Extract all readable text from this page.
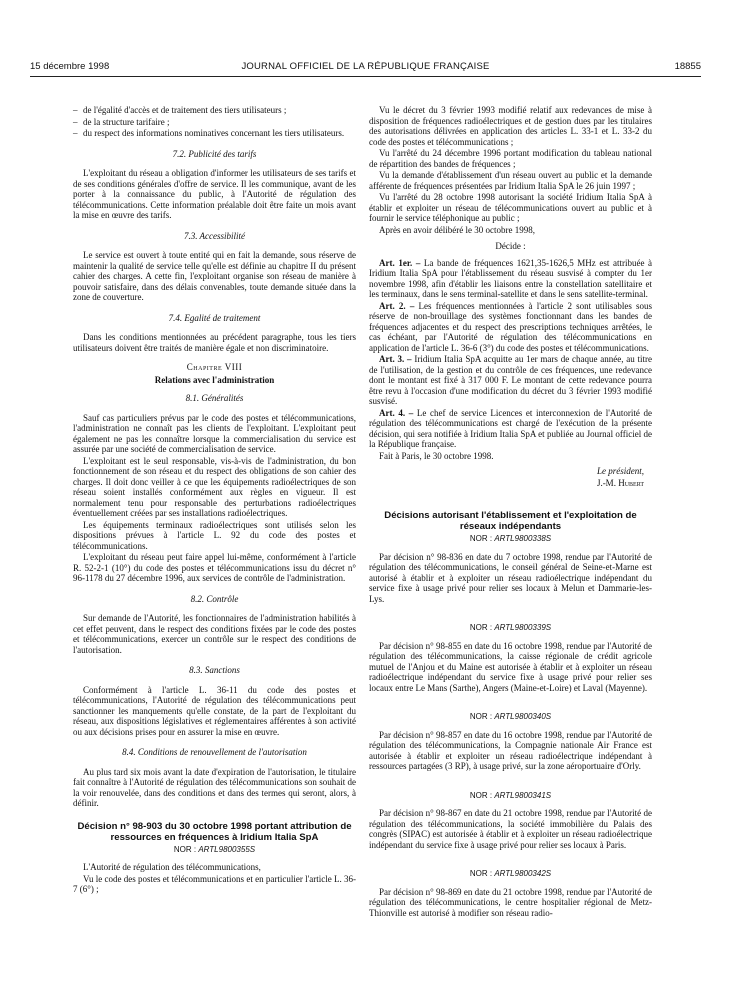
15 décembre 1998	JOURNAL OFFICIEL DE LA RÉPUBLIQUE FRANÇAISE	18855

– de l'égalité d'accès et de traitement des tiers utilisateurs ;

– de la structure tarifaire ;

– du respect des informations nominatives concernant les tiers utilisateurs.

7.2. Publicité des tarifs

L'exploitant du réseau a obligation d'informer les utilisateurs de ses tarifs et de ses conditions générales d'offre de service. Il les communique, avant de les porter à la connaissance du public, à l'Autorité de régulation des télécommunications. Cette information préalable doit être faite un mois avant la mise en œuvre des tarifs.

7.3. Accessibilité

Le service est ouvert à toute entité qui en fait la demande, sous réserve de maintenir la qualité de service telle qu'elle est définie au chapitre II du présent cahier des charges. A cette fin, l'exploitant organise son réseau de manière à pouvoir satisfaire, dans des délais convenables, toute demande située dans la zone de couverture.

7.4. Egalité de traitement

Dans les conditions mentionnées au précédent paragraphe, tous les tiers utilisateurs doivent être traités de manière égale et non discriminatoire.

Chapitre VIII
Relations avec l'administration
8.1. Généralités

Sauf cas particuliers prévus par le code des postes et télécommunications, l'administration ne connaît pas les clients de l'exploitant. L'exploitant peut également ne pas les connaître lorsque la commercialisation du service est assurée par une société de commercialisation de service.

L'exploitant est le seul responsable, vis-à-vis de l'administration, du bon fonctionnement de son réseau et du respect des obligations de son cahier des charges. Il doit donc veiller à ce que les équipements radioélectriques de son réseau soient installés conformément aux règles en vigueur. Il est normalement tenu pour responsable des perturbations radioélectriques éventuellement créées par ses installations radioélectriques.

Les équipements terminaux radioélectriques sont utilisés selon les dispositions prévues à l'article L. 92 du code des postes et télécommunications.

L'exploitant du réseau peut faire appel lui-même, conformément à l'article R. 52-2-1 (10°) du code des postes et télécommunications issu du décret n° 96-1178 du 27 décembre 1996, aux services de contrôle de l'administration.

8.2. Contrôle

Sur demande de l'Autorité, les fonctionnaires de l'administration habilités à cet effet peuvent, dans le respect des conditions fixées par le code des postes et télécommunications, exercer un contrôle sur le respect des conditions de l'autorisation.

8.3. Sanctions

Conformément à l'article L. 36-11 du code des postes et télécommunications, l'Autorité de régulation des télécommunications peut sanctionner les manquements qu'elle constate, de la part de l'exploitant du réseau, aux dispositions législatives et réglementaires afférentes à son activité ou aux décisions prises pour en assurer la mise en œuvre.

8.4. Conditions de renouvellement de l'autorisation

Au plus tard six mois avant la date d'expiration de l'autorisation, le titulaire fait connaître à l'Autorité de régulation des télécommunications son souhait de la voir renouvelée, dans des conditions et dans des termes qui seront, alors, à définir.

Décision n° 98-903 du 30 octobre 1998 portant attribution de ressources en fréquences à Iridium Italia SpA
NOR : ARTL9800355S

L'Autorité de régulation des télécommunications,

Vu le code des postes et télécommunications et en particulier l'article L. 36-7 (6°) ;

Vu le décret du 3 février 1993 modifié relatif aux redevances de mise à disposition de fréquences radioélectriques et de gestion dues par les titulaires des autorisations délivrées en application des articles L. 33-1 et L. 33-2 du code des postes et télécommunications ;

Vu l'arrêté du 24 décembre 1996 portant modification du tableau national de répartition des bandes de fréquences ;

Vu la demande d'établissement d'un réseau ouvert au public et la demande afférente de fréquences présentées par Iridium Italia SpA le 26 juin 1997 ;

Vu l'arrêté du 28 octobre 1998 autorisant la société Iridium Italia SpA à établir et exploiter un réseau de télécommunications ouvert au public et à fournir le service téléphonique au public ;

Après en avoir délibéré le 30 octobre 1998,

Décide :

Art. 1er. – La bande de fréquences 1621,35-1626,5 MHz est attribuée à Iridium Italia SpA pour l'établissement du réseau susvisé à compter du 1er novembre 1998, afin d'établir les liaisons entre la constellation satellitaire et les terminaux, dans le sens terminal-satellite et dans le sens satellite-terminal.

Art. 2. – Les fréquences mentionnées à l'article 2 sont utilisables sous réserve de non-brouillage des systèmes fonctionnant dans les bandes de fréquences adjacentes et du respect des prescriptions techniques arrêtées, le cas échéant, par l'Autorité de régulation des télécommunications en application de l'article L. 36-6 (3°) du code des postes et télécommunications.

Art. 3. – Iridium Italia SpA acquitte au 1er mars de chaque année, au titre de l'utilisation, de la gestion et du contrôle de ces fréquences, une redevance dont le montant est fixé à 317 000 F. Le montant de cette redevance pourra être revu à l'occasion d'une modification du décret du 3 février 1993 modifié susvisé.

Art. 4. – Le chef de service Licences et interconnexion de l'Autorité de régulation des télécommunications est chargé de l'exécution de la présente décision, qui sera notifiée à Iridium Italia SpA et publiée au Journal officiel de la République française.

Fait à Paris, le 30 octobre 1998.

Le président,

J.-M. Hubert

Décisions autorisant l'établissement et l'exploitation de réseaux indépendants
NOR : ARTL9800338S

Par décision n° 98-836 en date du 7 octobre 1998, rendue par l'Autorité de régulation des télécommunications, le conseil général de Seine-et-Marne est autorisé à établir et à exploiter un réseau radioélectrique indépendant du service fixe à usage privé pour relier ses locaux à Melun et Dammarie-les-Lys.

NOR : ARTL9800339S

Par décision n° 98-855 en date du 16 octobre 1998, rendue par l'Autorité de régulation des télécommunications, la caisse régionale de crédit agricole mutuel de l'Anjou et du Maine est autorisée à établir et à exploiter un réseau radioélectrique indépendant du service fixe à usage privé pour relier ses locaux entre Le Mans (Sarthe), Angers (Maine-et-Loire) et Laval (Mayenne).

NOR : ARTL9800340S

Par décision n° 98-857 en date du 16 octobre 1998, rendue par l'Autorité de régulation des télécommunications, la Compagnie nationale Air France est autorisée à établir et exploiter un réseau radioélectrique indépendant à ressources partagées (3 RP), à usage privé, sur la zone aéroportuaire d'Orly.

NOR : ARTL9800341S

Par décision n° 98-867 en date du 21 octobre 1998, rendue par l'Autorité de régulation des télécommunications, la société immobilière du Palais des congrès (SIPAC) est autorisée à établir et à exploiter un réseau radioélectrique indépendant du service fixe à usage privé pour relier ses locaux à Paris.

NOR : ARTL9800342S

Par décision n° 98-869 en date du 21 octobre 1998, rendue par l'Autorité de régulation des télécommunications, le centre hospitalier régional de Metz-Thionville est autorisé à modifier son réseau radio-
